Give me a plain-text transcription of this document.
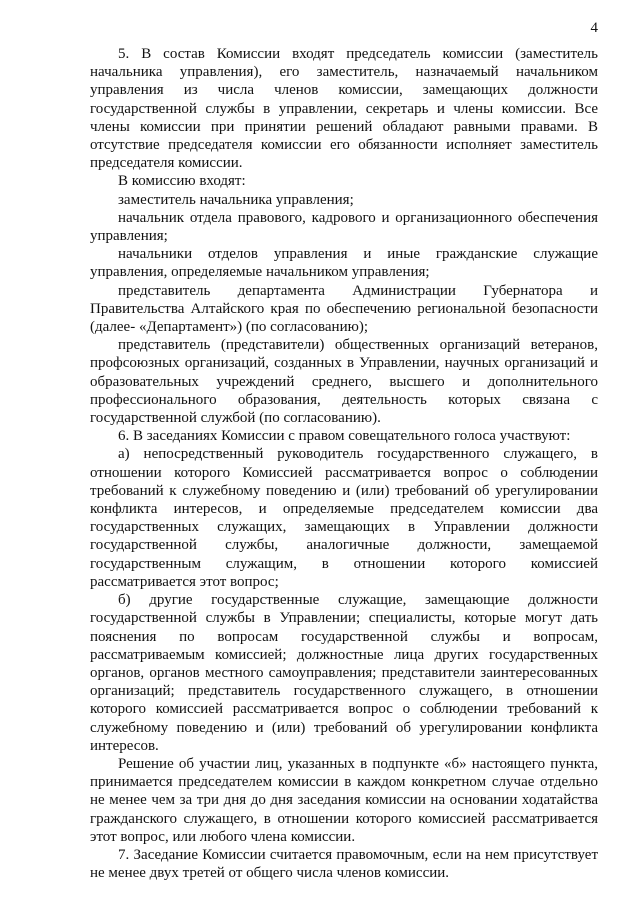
4

5. В состав Комиссии входят председатель комиссии (заместитель начальника управления), его заместитель, назначаемый начальником управления из числа членов комиссии, замещающих должности государственной службы в управлении, секретарь и члены комиссии. Все члены комиссии при принятии решений обладают равными правами. В отсутствие председателя комиссии его обязанности исполняет заместитель председателя комиссии.

В комиссию входят:

заместитель начальника управления;

начальник отдела правового, кадрового и организационного обеспечения управления;

начальники отделов управления и иные гражданские служащие управления, определяемые начальником управления;

представитель департамента Администрации Губернатора и Правительства Алтайского края по обеспечению региональной безопасности (далее- «Департамент») (по согласованию);

представитель (представители) общественных организаций ветеранов, профсоюзных организаций, созданных в Управлении, научных организаций и образовательных учреждений среднего, высшего и дополнительного профессионального образования, деятельность которых связана с государственной службой (по согласованию).

6. В заседаниях Комиссии с правом совещательного голоса участвуют:

а) непосредственный руководитель государственного служащего, в отношении которого Комиссией рассматривается вопрос о соблюдении требований к служебному поведению и (или) требований об урегулировании конфликта интересов, и определяемые председателем комиссии два государственных служащих, замещающих в Управлении должности государственной службы, аналогичные должности, замещаемой государственным служащим, в отношении которого комиссией рассматривается этот вопрос;

б) другие государственные служащие, замещающие должности государственной службы в Управлении; специалисты, которые могут дать пояснения по вопросам государственной службы и вопросам, рассматриваемым комиссией; должностные лица других государственных органов, органов местного самоуправления; представители заинтересованных организаций; представитель государственного служащего, в отношении которого комиссией рассматривается вопрос о соблюдении требований к служебному поведению и (или) требований об урегулировании конфликта интересов.

Решение об участии лиц, указанных в подпункте «б» настоящего пункта, принимается председателем комиссии в каждом конкретном случае отдельно не менее чем за три дня до дня заседания комиссии на основании ходатайства гражданского служащего, в отношении которого комиссией рассматривается этот вопрос, или любого члена комиссии.

7. Заседание Комиссии считается правомочным, если на нем присутствует не менее двух третей от общего числа членов комиссии.
